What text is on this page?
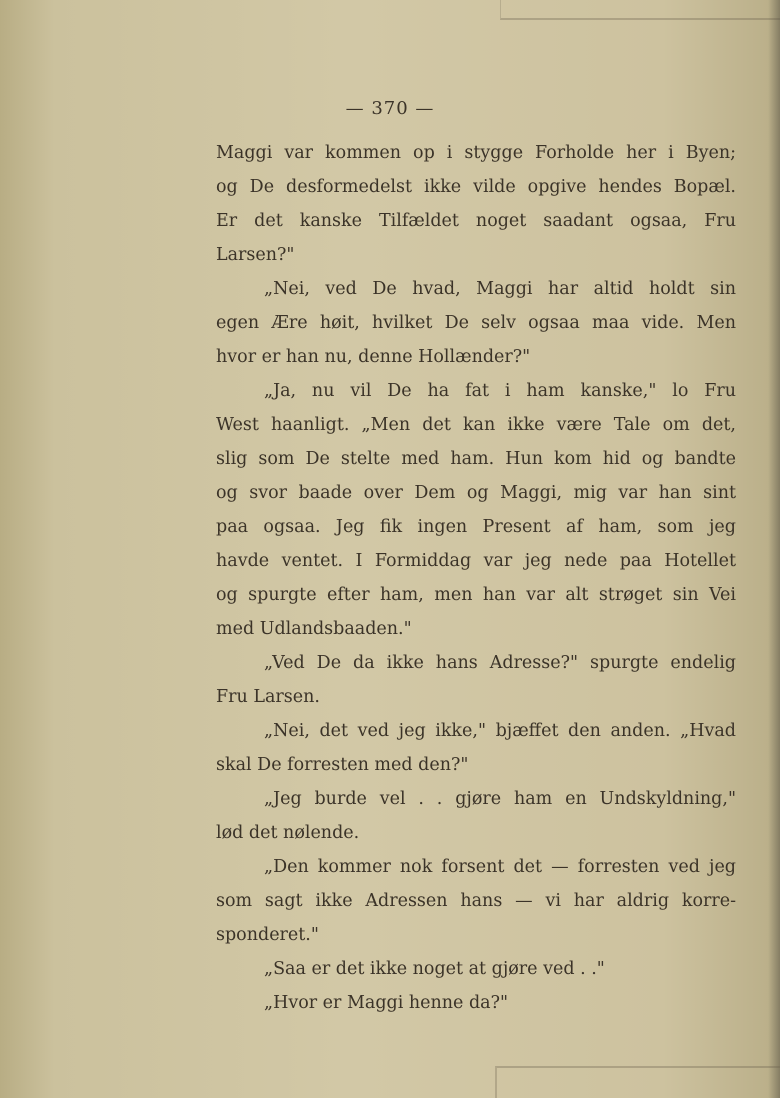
— 370 —
Maggi var kommen op i stygge Forholde her i Byen;
og De desformedelst ikke vilde opgive hendes Bopæl.
Er det kanske Tilfældet noget saadant ogsaa, Fru
Larsen?"
„Nei, ved De hvad, Maggi har altid holdt sin
egen Ære høit, hvilket De selv ogsaa maa vide. Men
hvor er han nu, denne Hollænder?"
„Ja, nu vil De ha fat i ham kanske," lo Fru
West haanligt. „Men det kan ikke være Tale om det,
slig som De stelte med ham. Hun kom hid og bandte
og svor baade over Dem og Maggi, mig var han sint
paa ogsaa. Jeg fik ingen Present af ham, som jeg
havde ventet. I Formiddag var jeg nede paa Hotellet
og spurgte efter ham, men han var alt strøget sin Vei
med Udlandsbaaden."
„Ved De da ikke hans Adresse?" spurgte endelig
Fru Larsen.
„Nei, det ved jeg ikke," bjæffet den anden. „Hvad
skal De forresten med den?"
„Jeg burde vel . . gjøre ham en Undskyldning,"
lød det nølende.
„Den kommer nok forsent det — forresten ved jeg
som sagt ikke Adressen hans — vi har aldrig korre-
sponderet."
„Saa er det ikke noget at gjøre ved . ."
„Hvor er Maggi henne da?"
